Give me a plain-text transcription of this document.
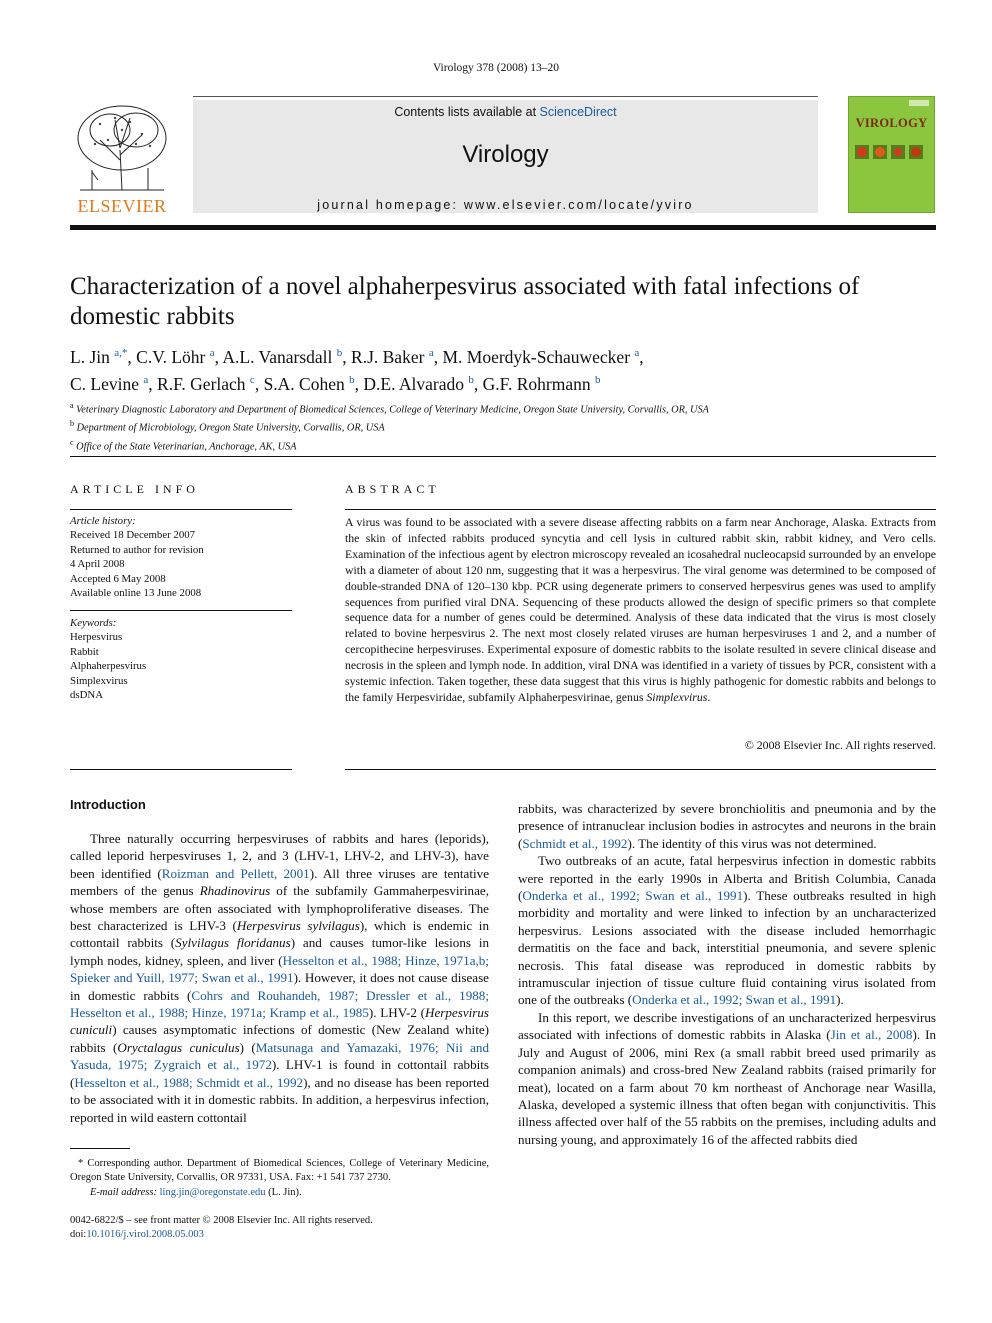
Virology 378 (2008) 13–20
ELSEVIER
Contents lists available at ScienceDirect
Virology
journal homepage: www.elsevier.com/locate/yviro
VIROLOGY
Characterization of a novel alphaherpesvirus associated with fatal infections of domestic rabbits
L. Jin $^{a,*}$, C.V. Löhr $^a$, A.L. Vanarsdall $^b$, R.J. Baker $^a$, M. Moerdyk-Schauwecker $^a$,
C. Levine $^a$, R.F. Gerlach $^c$, S.A. Cohen $^b$, D.E. Alvarado $^b$, G.F. Rohrmann $^b$
$^a$ Veterinary Diagnostic Laboratory and Department of Biomedical Sciences, College of Veterinary Medicine, Oregon State University, Corvallis, OR, USA
$^b$ Department of Microbiology, Oregon State University, Corvallis, OR, USA
$^c$ Office of the State Veterinarian, Anchorage, AK, USA
ARTICLE INFO
Article history:
Received 18 December 2007
Returned to author for revision
4 April 2008
Accepted 6 May 2008
Available online 13 June 2008
Keywords:
Herpesvirus
Rabbit
Alphaherpesvirus
Simplexvirus
dsDNA
ABSTRACT
A virus was found to be associated with a severe disease affecting rabbits on a farm near Anchorage, Alaska. Extracts from the skin of infected rabbits produced syncytia and cell lysis in cultured rabbit skin, rabbit kidney, and Vero cells. Examination of the infectious agent by electron microscopy revealed an icosahedral nucleocapsid surrounded by an envelope with a diameter of about 120 nm, suggesting that it was a herpesvirus. The viral genome was determined to be composed of double-stranded DNA of 120–130 kbp. PCR using degenerate primers to conserved herpesvirus genes was used to amplify sequences from purified viral DNA. Sequencing of these products allowed the design of specific primers so that complete sequence data for a number of genes could be determined. Analysis of these data indicated that the virus is most closely related to bovine herpesvirus 2. The next most closely related viruses are human herpesviruses 1 and 2, and a number of cercopithecine herpesviruses. Experimental exposure of domestic rabbits to the isolate resulted in severe clinical disease and necrosis in the spleen and lymph node. In addition, viral DNA was identified in a variety of tissues by PCR, consistent with a systemic infection. Taken together, these data suggest that this virus is highly pathogenic for domestic rabbits and belongs to the family Herpesviridae, subfamily Alphaherpesvirinae, genus Simplexvirus.
© 2008 Elsevier Inc. All rights reserved.
Introduction

Three naturally occurring herpesviruses of rabbits and hares (leporids), called leporid herpesviruses 1, 2, and 3 (LHV-1, LHV-2, and LHV-3), have been identified (Roizman and Pellett, 2001). All three viruses are tentative members of the genus Rhadinovirus of the subfamily Gammaherpesvirinae, whose members are often associated with lymphoproliferative diseases. The best characterized is LHV-3 (Herpesvirus sylvilagus), which is endemic in cottontail rabbits (Sylvilagus floridanus) and causes tumor-like lesions in lymph nodes, kidney, spleen, and liver (Hesselton et al., 1988; Hinze, 1971a,b; Spieker and Yuill, 1977; Swan et al., 1991). However, it does not cause disease in domestic rabbits (Cohrs and Rouhandeh, 1987; Dressler et al., 1988; Hesselton et al., 1988; Hinze, 1971a; Kramp et al., 1985). LHV-2 (Herpesvirus cuniculi) causes asymptomatic infections of domestic (New Zealand white) rabbits (Oryctalagus cuniculus) (Matsunaga and Yamazaki, 1976; Nii and Yasuda, 1975; Zygraich et al., 1972). LHV-1 is found in cottontail rabbits (Hesselton et al., 1988; Schmidt et al., 1992), and no disease has been reported to be associated with it in domestic rabbits. In addition, a herpesvirus infection, reported in wild eastern cottontail

rabbits, was characterized by severe bronchiolitis and pneumonia and by the presence of intranuclear inclusion bodies in astrocytes and neurons in the brain (Schmidt et al., 1992). The identity of this virus was not determined.

Two outbreaks of an acute, fatal herpesvirus infection in domestic rabbits were reported in the early 1990s in Alberta and British Columbia, Canada (Onderka et al., 1992; Swan et al., 1991). These outbreaks resulted in high morbidity and mortality and were linked to infection by an uncharacterized herpesvirus. Lesions associated with the disease included hemorrhagic dermatitis on the face and back, interstitial pneumonia, and severe splenic necrosis. This fatal disease was reproduced in domestic rabbits by intramuscular injection of tissue culture fluid containing virus isolated from one of the outbreaks (Onderka et al., 1992; Swan et al., 1991).

In this report, we describe investigations of an uncharacterized herpesvirus associated with infections of domestic rabbits in Alaska (Jin et al., 2008). In July and August of 2006, mini Rex (a small rabbit breed used primarily as companion animals) and cross-bred New Zealand rabbits (raised primarily for meat), located on a farm about 70 km northeast of Anchorage near Wasilla, Alaska, developed a systemic illness that often began with conjunctivitis. This illness affected over half of the 55 rabbits on the premises, including adults and nursing young, and approximately 16 of the affected rabbits died

* Corresponding author. Department of Biomedical Sciences, College of Veterinary Medicine, Oregon State University, Corvallis, OR 97331, USA. Fax: +1 541 737 2730.
E-mail address: ling.jin@oregonstate.edu (L. Jin).
0042-6822/$ – see front matter © 2008 Elsevier Inc. All rights reserved.
doi:10.1016/j.virol.2008.05.003
